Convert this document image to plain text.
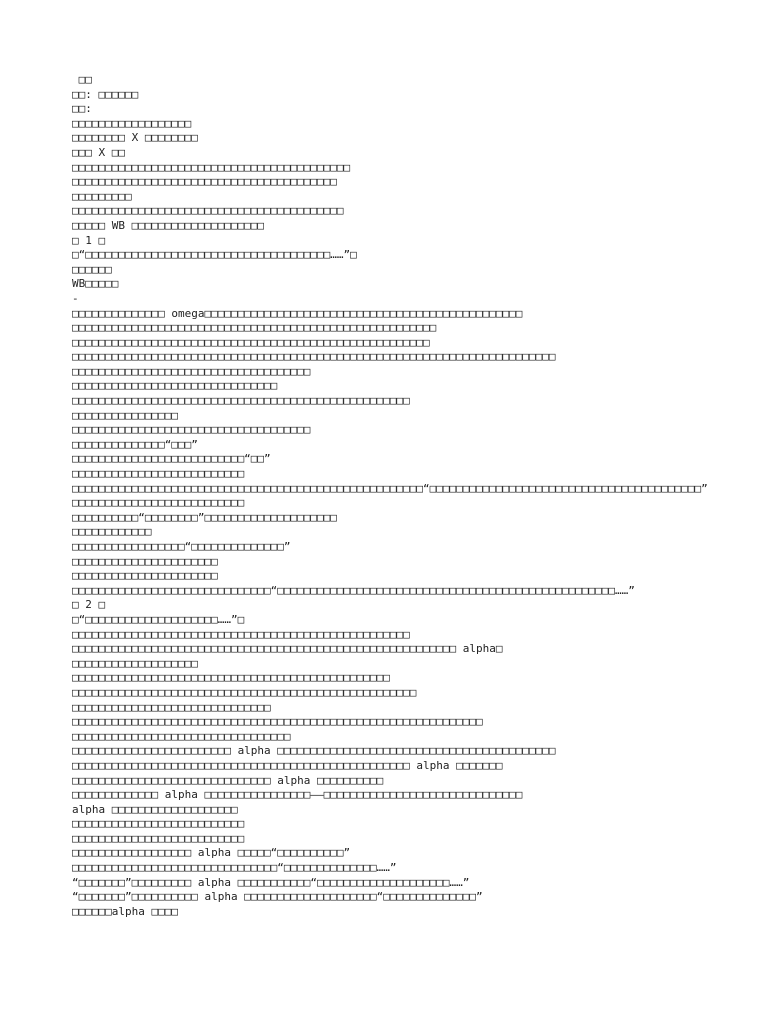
□□
□□: □□□□□□
□□:
□□□□□□□□□□□□□□□□□□
□□□□□□□□ X □□□□□□□□
□□□ X □□
□□□□□□□□□□□□□□□□□□□□□□□□□□□□□□□□□□□□□□□□□□
□□□□□□□□□□□□□□□□□□□□□□□□□□□□□□□□□□□□□□□□
□□□□□□□□□
□□□□□□□□□□□□□□□□□□□□□□□□□□□□□□□□□□□□□□□□□
□□□□□ WB □□□□□□□□□□□□□□□□□□□□
□ 1 □
□“□□□□□□□□□□□□□□□□□□□□□□□□□□□□□□□□□□□□□……”□
□□□□□□
WB□□□□□
-
□□□□□□□□□□□□□□ omega□□□□□□□□□□□□□□□□□□□□□□□□□□□□□□□□□□□□□□□□□□□□□□□□
□□□□□□□□□□□□□□□□□□□□□□□□□□□□□□□□□□□□□□□□□□□□□□□□□□□□□□□
□□□□□□□□□□□□□□□□□□□□□□□□□□□□□□□□□□□□□□□□□□□□□□□□□□□□□□
□□□□□□□□□□□□□□□□□□□□□□□□□□□□□□□□□□□□□□□□□□□□□□□□□□□□□□□□□□□□□□□□□□□□□□□□□
□□□□□□□□□□□□□□□□□□□□□□□□□□□□□□□□□□□□
□□□□□□□□□□□□□□□□□□□□□□□□□□□□□□□
□□□□□□□□□□□□□□□□□□□□□□□□□□□□□□□□□□□□□□□□□□□□□□□□□□□
□□□□□□□□□□□□□□□□
□□□□□□□□□□□□□□□□□□□□□□□□□□□□□□□□□□□□
□□□□□□□□□□□□□□“□□□”
□□□□□□□□□□□□□□□□□□□□□□□□□□“□□”
□□□□□□□□□□□□□□□□□□□□□□□□□□
□□□□□□□□□□□□□□□□□□□□□□□□□□□□□□□□□□□□□□□□□□□□□□□□□□□□□“□□□□□□□□□□□□□□□□□□□□□□□□□□□□□□□□□□□□□□□□□”
□□□□□□□□□□□□□□□□□□□□□□□□□□
□□□□□□□□□□“□□□□□□□□”□□□□□□□□□□□□□□□□□□□□
□□□□□□□□□□□□
□□□□□□□□□□□□□□□□□“□□□□□□□□□□□□□□”
□□□□□□□□□□□□□□□□□□□□□□
□□□□□□□□□□□□□□□□□□□□□□
□□□□□□□□□□□□□□□□□□□□□□□□□□□□□□“□□□□□□□□□□□□□□□□□□□□□□□□□□□□□□□□□□□□□□□□□□□□□□□□□□□……”
□ 2 □
□“□□□□□□□□□□□□□□□□□□□□……”□
□□□□□□□□□□□□□□□□□□□□□□□□□□□□□□□□□□□□□□□□□□□□□□□□□□□
□□□□□□□□□□□□□□□□□□□□□□□□□□□□□□□□□□□□□□□□□□□□□□□□□□□□□□□□□□ alpha□
□□□□□□□□□□□□□□□□□□□
□□□□□□□□□□□□□□□□□□□□□□□□□□□□□□□□□□□□□□□□□□□□□□□□
□□□□□□□□□□□□□□□□□□□□□□□□□□□□□□□□□□□□□□□□□□□□□□□□□□□□
□□□□□□□□□□□□□□□□□□□□□□□□□□□□□□
□□□□□□□□□□□□□□□□□□□□□□□□□□□□□□□□□□□□□□□□□□□□□□□□□□□□□□□□□□□□□□
□□□□□□□□□□□□□□□□□□□□□□□□□□□□□□□□□
□□□□□□□□□□□□□□□□□□□□□□□□ alpha □□□□□□□□□□□□□□□□□□□□□□□□□□□□□□□□□□□□□□□□□□
□□□□□□□□□□□□□□□□□□□□□□□□□□□□□□□□□□□□□□□□□□□□□□□□□□□ alpha □□□□□□□
□□□□□□□□□□□□□□□□□□□□□□□□□□□□□□ alpha □□□□□□□□□□
□□□□□□□□□□□□□ alpha □□□□□□□□□□□□□□□□——□□□□□□□□□□□□□□□□□□□□□□□□□□□□□□
alpha □□□□□□□□□□□□□□□□□□□
□□□□□□□□□□□□□□□□□□□□□□□□□□
□□□□□□□□□□□□□□□□□□□□□□□□□□
□□□□□□□□□□□□□□□□□□ alpha □□□□□“□□□□□□□□□□”
□□□□□□□□□□□□□□□□□□□□□□□□□□□□□□□“□□□□□□□□□□□□□□……”
“□□□□□□□”□□□□□□□□□ alpha □□□□□□□□□□□“□□□□□□□□□□□□□□□□□□□□……”
“□□□□□□□”□□□□□□□□□□ alpha □□□□□□□□□□□□□□□□□□□□“□□□□□□□□□□□□□□”
□□□□□□alpha □□□□
